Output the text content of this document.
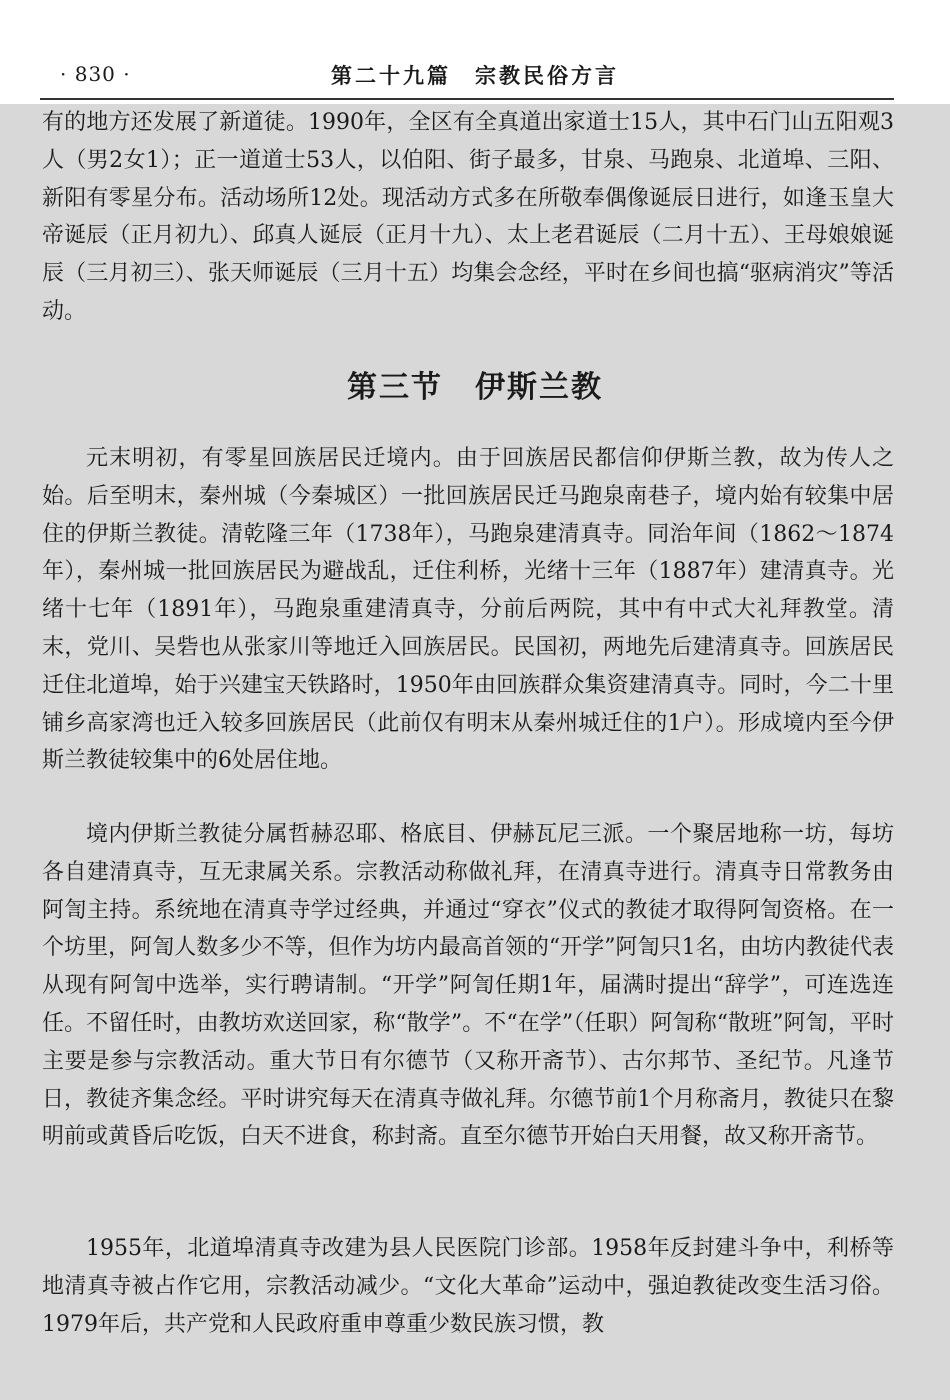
· 830 ·	第二十九篇　宗教民俗方言

有的地方还发展了新道徒。1990年，全区有全真道出家道士15人，其中石门山五阳观3人（男2女1）；正一道道士53人，以伯阳、街子最多，甘泉、马跑泉、北道埠、三阳、新阳有零星分布。活动场所12处。现活动方式多在所敬奉偶像诞辰日进行，如逢玉皇大帝诞辰（正月初九）、邱真人诞辰（正月十九）、太上老君诞辰（二月十五）、王母娘娘诞辰（三月初三）、张天师诞辰（三月十五）均集会念经，平时在乡间也搞“驱病消灾”等活动。

第三节　伊斯兰教

元末明初，有零星回族居民迁境内。由于回族居民都信仰伊斯兰教，故为传人之始。后至明末，秦州城（今秦城区）一批回族居民迁马跑泉南巷子，境内始有较集中居住的伊斯兰教徒。清乾隆三年（1738年），马跑泉建清真寺。同治年间（1862～1874年），秦州城一批回族居民为避战乱，迁住利桥，光绪十三年（1887年）建清真寺。光绪十七年（1891年），马跑泉重建清真寺，分前后两院，其中有中式大礼拜教堂。清末，党川、吴砦也从张家川等地迁入回族居民。民国初，两地先后建清真寺。回族居民迁住北道埠，始于兴建宝天铁路时，1950年由回族群众集资建清真寺。同时，今二十里铺乡高家湾也迁入较多回族居民（此前仅有明末从秦州城迁住的1户）。形成境内至今伊斯兰教徒较集中的6处居住地。

境内伊斯兰教徒分属哲赫忍耶、格底目、伊赫瓦尼三派。一个聚居地称一坊，每坊各自建清真寺，互无隶属关系。宗教活动称做礼拜，在清真寺进行。清真寺日常教务由阿訇主持。系统地在清真寺学过经典，并通过“穿衣”仪式的教徒才取得阿訇资格。在一个坊里，阿訇人数多少不等，但作为坊内最高首领的“开学”阿訇只1名，由坊内教徒代表从现有阿訇中选举，实行聘请制。“开学”阿訇任期1年，届满时提出“辞学”，可连选连任。不留任时，由教坊欢送回家，称“散学”。不“在学”（任职）阿訇称“散班”阿訇，平时主要是参与宗教活动。重大节日有尔德节（又称开斋节）、古尔邦节、圣纪节。凡逢节日，教徒齐集念经。平时讲究每天在清真寺做礼拜。尔德节前1个月称斋月，教徒只在黎明前或黄昏后吃饭，白天不进食，称封斋。直至尔德节开始白天用餐，故又称开斋节。

1955年，北道埠清真寺改建为县人民医院门诊部。1958年反封建斗争中，利桥等地清真寺被占作它用，宗教活动减少。“文化大革命”运动中，强迫教徒改变生活习俗。1979年后，共产党和人民政府重申尊重少数民族习惯，教
